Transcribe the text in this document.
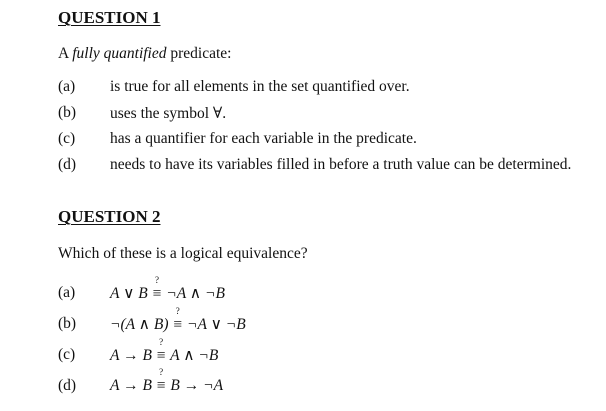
QUESTION 1
A fully quantified predicate:
(a) is true for all elements in the set quantified over.
(b) uses the symbol ∀.
(c) has a quantifier for each variable in the predicate.
(d) needs to have its variables filled in before a truth value can be determined.
QUESTION 2
Which of these is a logical equivalence?
(a) A ∨ B
?
≡ ¬A ∧ ¬B
(b) ¬(A ∧ B)
?
≡ ¬A ∨ ¬B
(c) A → B
?
≡ A ∧ ¬B
(d) A → B
?
≡ B → ¬A
